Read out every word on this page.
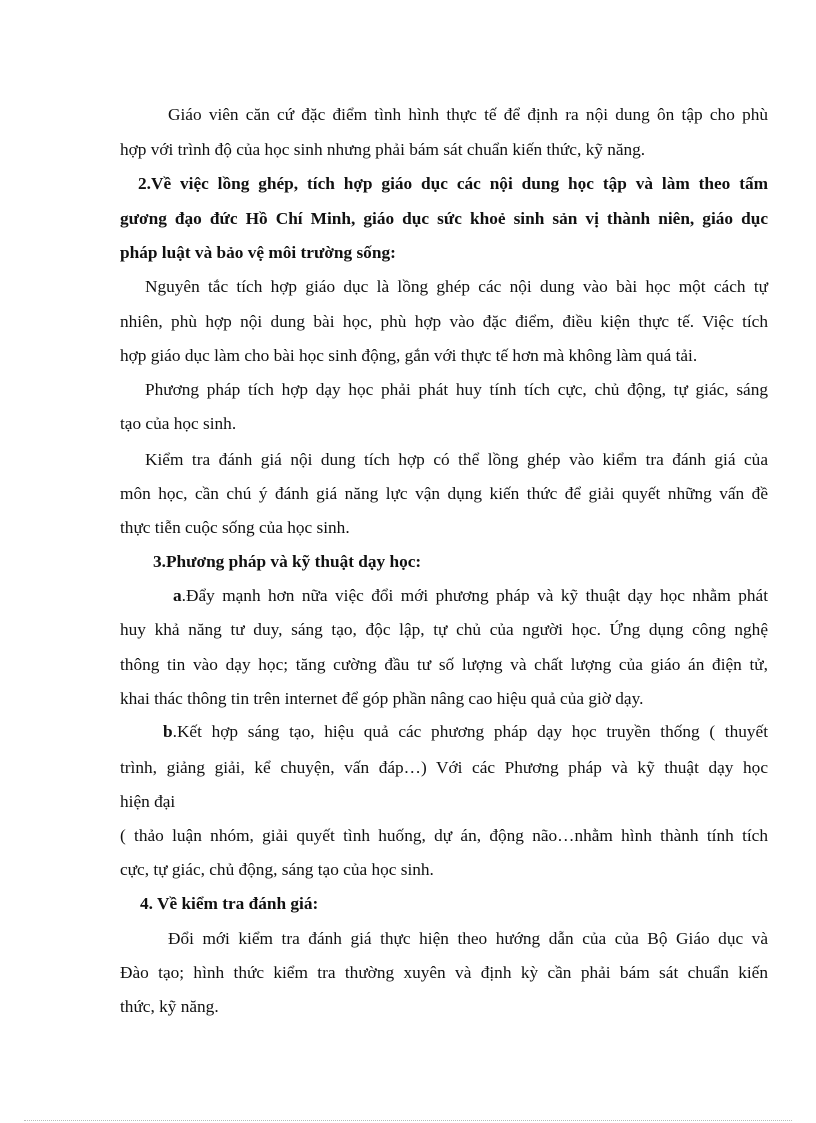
Giáo viên căn cứ đặc điểm tình hình thực tế để định ra nội dung ôn tập cho phù
hợp với trình độ của học sinh nhưng phải bám sát chuẩn kiến thức, kỹ năng.
2.Về việc lồng ghép, tích hợp giáo dục các nội dung học tập và làm theo tấm
gương đạo đức Hồ Chí Minh, giáo dục sức khoẻ sinh sản vị thành niên, giáo dục
pháp luật và bảo vệ môi trường sống:
Nguyên tắc tích hợp giáo dục là lồng ghép các nội dung vào bài học một cách tự
nhiên, phù hợp nội dung bài học, phù hợp vào đặc điểm, điều kiện thực tế. Việc tích
hợp giáo dục làm cho bài học sinh động, gắn với thực tế hơn mà không làm quá tải.
Phương pháp tích hợp dạy học phải phát huy tính tích cực, chủ động, tự giác, sáng
tạo của học sinh.
Kiểm tra đánh giá nội dung tích hợp có thể lồng ghép vào kiểm tra đánh giá của
môn học, cần chú ý đánh giá năng lực vận dụng kiến thức để giải quyết những vấn đề
thực tiễn cuộc sống của học sinh.
3.Phương pháp và kỹ thuật dạy học:
a .Đẩy mạnh hơn nữa việc đổi mới phương pháp và kỹ thuật dạy học nhằm phát
huy khả năng tư duy, sáng tạo, độc lập, tự chủ của người học. Ứng dụng công nghệ
thông tin vào dạy học; tăng cường đầu tư số lượng và chất lượng của giáo án điện tử,
khai thác thông tin trên internet để góp phần nâng cao hiệu quả của giờ dạy.
b .Kết hợp sáng tạo, hiệu quả các phương pháp dạy học truyền thống ( thuyết
trình, giảng giải, kể chuyện, vấn đáp…) Với các Phương pháp và kỹ thuật dạy học
hiện đại
( thảo luận nhóm, giải quyết tình huống, dự án, động não…nhằm hình thành tính tích
cực, tự giác, chủ động, sáng tạo của học sinh.
4. Về kiểm tra đánh giá:
Đổi mới kiểm tra đánh giá thực hiện theo hướng dẫn của của Bộ Giáo dục và
Đào tạo; hình thức kiểm tra thường xuyên và định kỳ cần phải bám sát chuẩn kiến
thức, kỹ năng.
